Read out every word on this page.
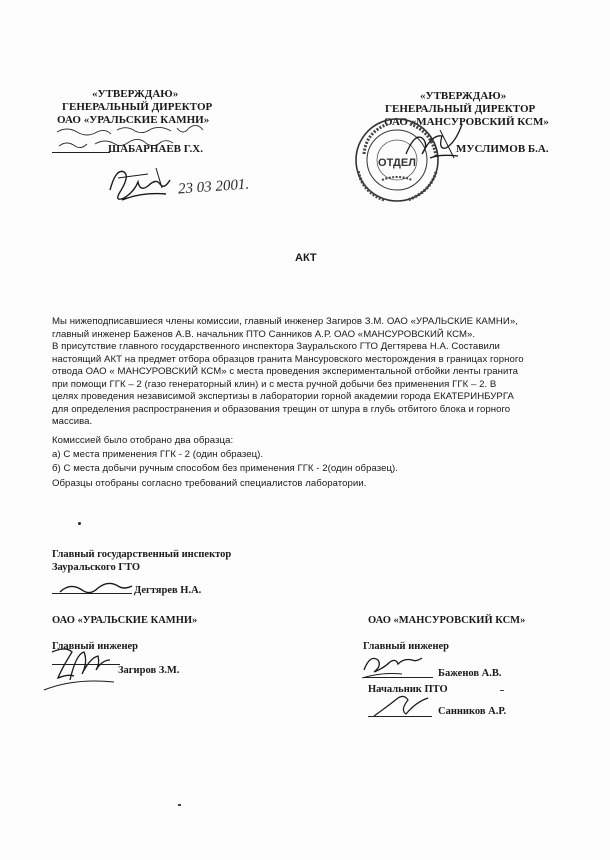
«УТВЕРЖДАЮ»
ГЕНЕРАЛЬНЫЙ ДИРЕКТОР
ОАО «УРАЛЬСКИЕ КАМНИ»
ШАБАРНАЕВ Г.Х.
23 03 2001.
«УТВЕРЖДАЮ»
ГЕНЕРАЛЬНЫЙ ДИРЕКТОР
ОАО «МАНСУРОВСКИЙ КСМ»
МУСЛИМОВ Б.А.
ОТДЕЛ
АКТ
Мы нижеподписавшиеся члены комиссии, главный инженер Загиров З.М. ОАО «УРАЛЬСКИЕ КАМНИ»,
главный инженер Баженов А.В. начальник ПТО Санников А.Р. ОАО «МАНСУРОВСКИЙ КСМ».
В присутствие главного государственного инспектора Зауральского ГТО Дегтярева Н.А. Составили
настоящий АКТ на предмет отбора образцов гранита Мансуровского месторождения в границах горного
отвода ОАО « МАНСУРОВСКИЙ КСМ» с места проведения экспериментальной отбойки ленты гранита
при помощи ГГК – 2 (газо генераторный клин) и с места ручной добычи без применения ГГК – 2. В
целях проведения независимой экспертизы в лаборатории горной академии города ЕКАТЕРИНБУРГА
для определения распространения и образования трещин от шпура в глубь отбитого блока и горного
массива.
Комиссией было отобрано два образца:
а) С места применения ГГК - 2 (один образец).
б) С места добычи ручным способом без применения ГГК - 2(один образец).
Образцы отобраны согласно требований специалистов лаборатории.
Главный государственный инспектор
Зауральского ГТО
Дегтярев Н.А.
ОАО «УРАЛЬСКИЕ КАМНИ»
Главный инженер
Загиров З.М.
ОАО «МАНСУРОВСКИЙ КСМ»
Главный инженер
Баженов А.В.
Начальник ПТО
Санников А.Р.
